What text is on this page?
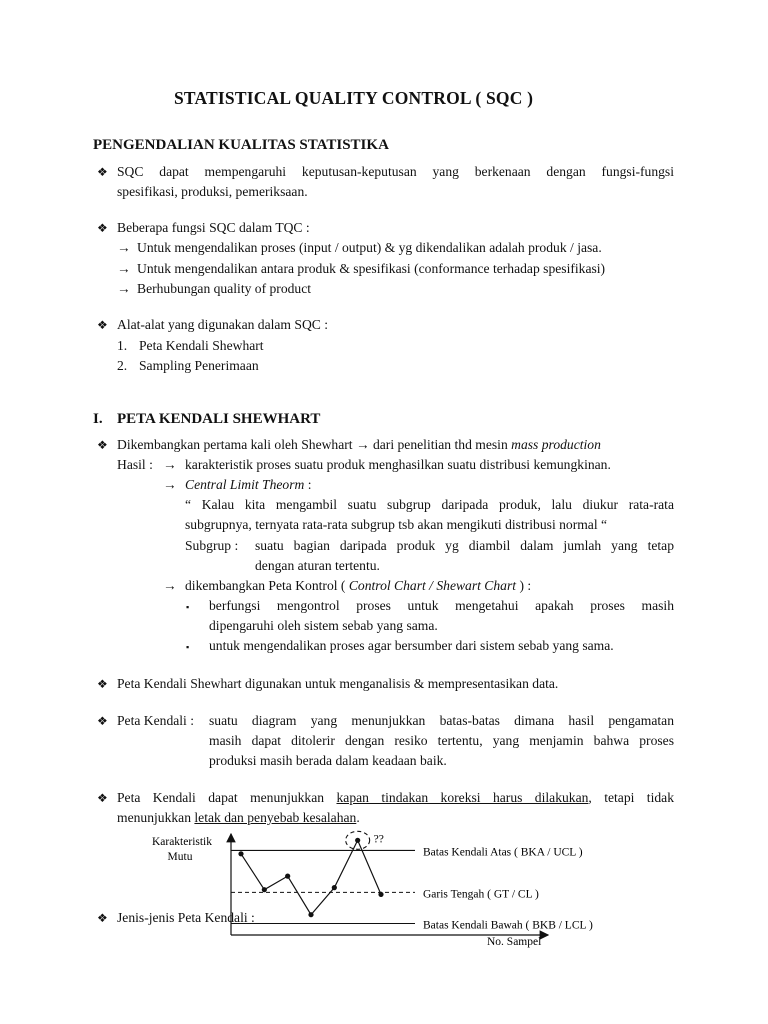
STATISTICAL QUALITY CONTROL ( SQC )
PENGENDALIAN KUALITAS STATISTIKA
❖ SQC dapat mempengaruhi keputusan-keputusan yang berkenaan dengan fungsi-fungsi
spesifikasi, produksi, pemeriksaan.
❖ Beberapa fungsi SQC dalam TQC :
→ Untuk mengendalikan proses (input / output) & yg dikendalikan adalah produk / jasa.
→ Untuk mengendalikan antara produk & spesifikasi (conformance terhadap spesifikasi)
→ Berhubungan quality of product
❖ Alat-alat yang digunakan dalam SQC :
1. Peta Kendali Shewhart
2. Sampling Penerimaan
I. PETA KENDALI SHEWHART
❖ Dikembangkan pertama kali oleh Shewhart → dari penelitian thd mesin mass production
Hasil : → karakteristik proses suatu produk menghasilkan suatu distribusi kemungkinan.
→ Central Limit Theorm :
“ Kalau kita mengambil suatu subgrup daripada produk, lalu diukur rata-rata
subgrupnya, ternyata rata-rata subgrup tsb akan mengikuti distribusi normal “
Subgrup : suatu bagian daripada produk yg diambil dalam jumlah yang tetap
dengan aturan tertentu.
→ dikembangkan Peta Kontrol ( Control Chart / Shewart Chart ) :
▪ berfungsi mengontrol proses untuk mengetahui apakah proses masih
dipengaruhi oleh sistem sebab yang sama.
▪ untuk mengendalikan proses agar bersumber dari sistem sebab yang sama.
❖ Peta Kendali Shewhart digunakan untuk menganalisis & mempresentasikan data.
❖ Peta Kendali : suatu diagram yang menunjukkan batas-batas dimana hasil pengamatan
masih dapat ditolerir dengan resiko tertentu, yang menjamin bahwa proses
produksi masih berada dalam keadaan baik.
❖ Peta Kendali dapat menunjukkan kapan tindakan koreksi harus dilakukan, tetapi tidak
menunjukkan letak dan penyebab kesalahan.
❖ Jenis-jenis Peta Kendali :
Karakteristik
Mutu	Batas Kendali Atas ( BKA / UCL )
Garis Tengah ( GT / CL )
Batas Kendali Bawah ( BKB / LCL )
??
No. Sampel
